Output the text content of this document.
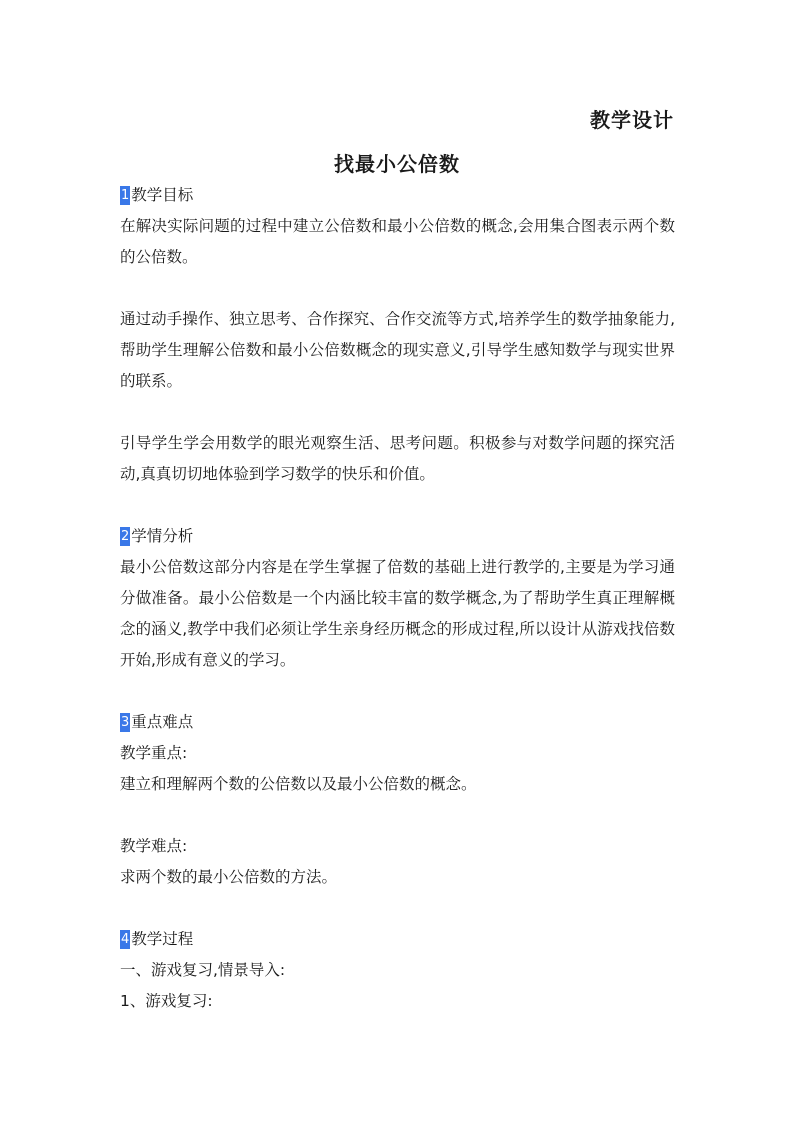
教学设计
找最小公倍数
1 教学目标
在解决实际问题的过程中建立公倍数和最小公倍数的概念,会用集合图表示两个数的公倍数。
通过动手操作、独立思考、合作探究、合作交流等方式,培养学生的数学抽象能力,帮助学生理解公倍数和最小公倍数概念的现实意义,引导学生感知数学与现实世界的联系。
引导学生学会用数学的眼光观察生活、思考问题。积极参与对数学问题的探究活动,真真切切地体验到学习数学的快乐和价值。
2 学情分析
最小公倍数这部分内容是在学生掌握了倍数的基础上进行教学的,主要是为学习通分做准备。最小公倍数是一个内涵比较丰富的数学概念,为了帮助学生真正理解概念的涵义,教学中我们必须让学生亲身经历概念的形成过程,所以设计从游戏找倍数开始,形成有意义的学习。
3 重点难点
教学重点:
建立和理解两个数的公倍数以及最小公倍数的概念。
教学难点:
求两个数的最小公倍数的方法。
4 教学过程
一、游戏复习,情景导入:
1、游戏复习:
